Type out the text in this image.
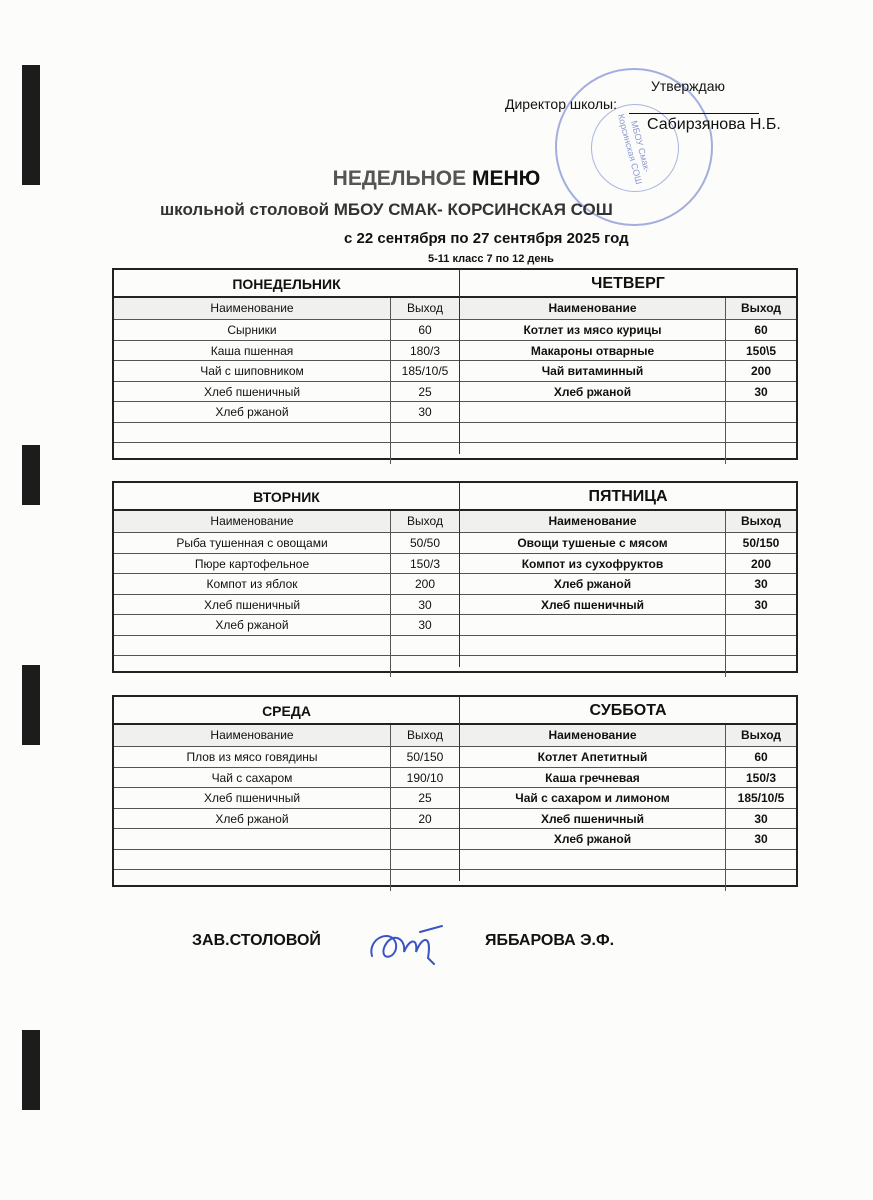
МБОУ Смак-Корсинская СОШ
Утверждаю
Директор школы:
Сабирзянова Н.Б.
НЕДЕЛЬНОЕ МЕНЮ
школьной столовой МБОУ СМАК- КОРСИНСКАЯ СОШ
с 22 сентября по 27 сентября 2025 год
5-11 класс 7 по 12 день
ПОНЕДЕЛЬНИК
Наименование	Выход
Сырники	60
Каша пшенная	180/3
Чай с шиповником	185/10/5
Хлеб пшеничный	25
Хлеб ржаной	30
ЧЕТВЕРГ
Наименование	Выход
Котлет из мясо курицы	60
Макароны отварные	150\5
Чай витаминный	200
Хлеб ржаной	30
ВТОРНИК
Наименование	Выход
Рыба тушенная с овощами	50/50
Пюре картофельное	150/3
Компот из яблок	200
Хлеб пшеничный	30
Хлеб ржаной	30
ПЯТНИЦА
Наименование	Выход
Овощи тушеные с мясом	50/150
Компот из сухофруктов	200
Хлеб ржаной	30
Хлеб пшеничный	30
СРЕДА
Наименование	Выход
Плов из мясо говядины	50/150
Чай с сахаром	190/10
Хлеб пшеничный	25
Хлеб ржаной	20
СУББОТА
Наименование	Выход
Котлет Апетитный	60
Каша гречневая	150/3
Чай с сахаром и лимоном	185/10/5
Хлеб пшеничный	30
Хлеб ржаной	30
ЗАВ.СТОЛОВОЙ	ЯББАРОВА Э.Ф.
